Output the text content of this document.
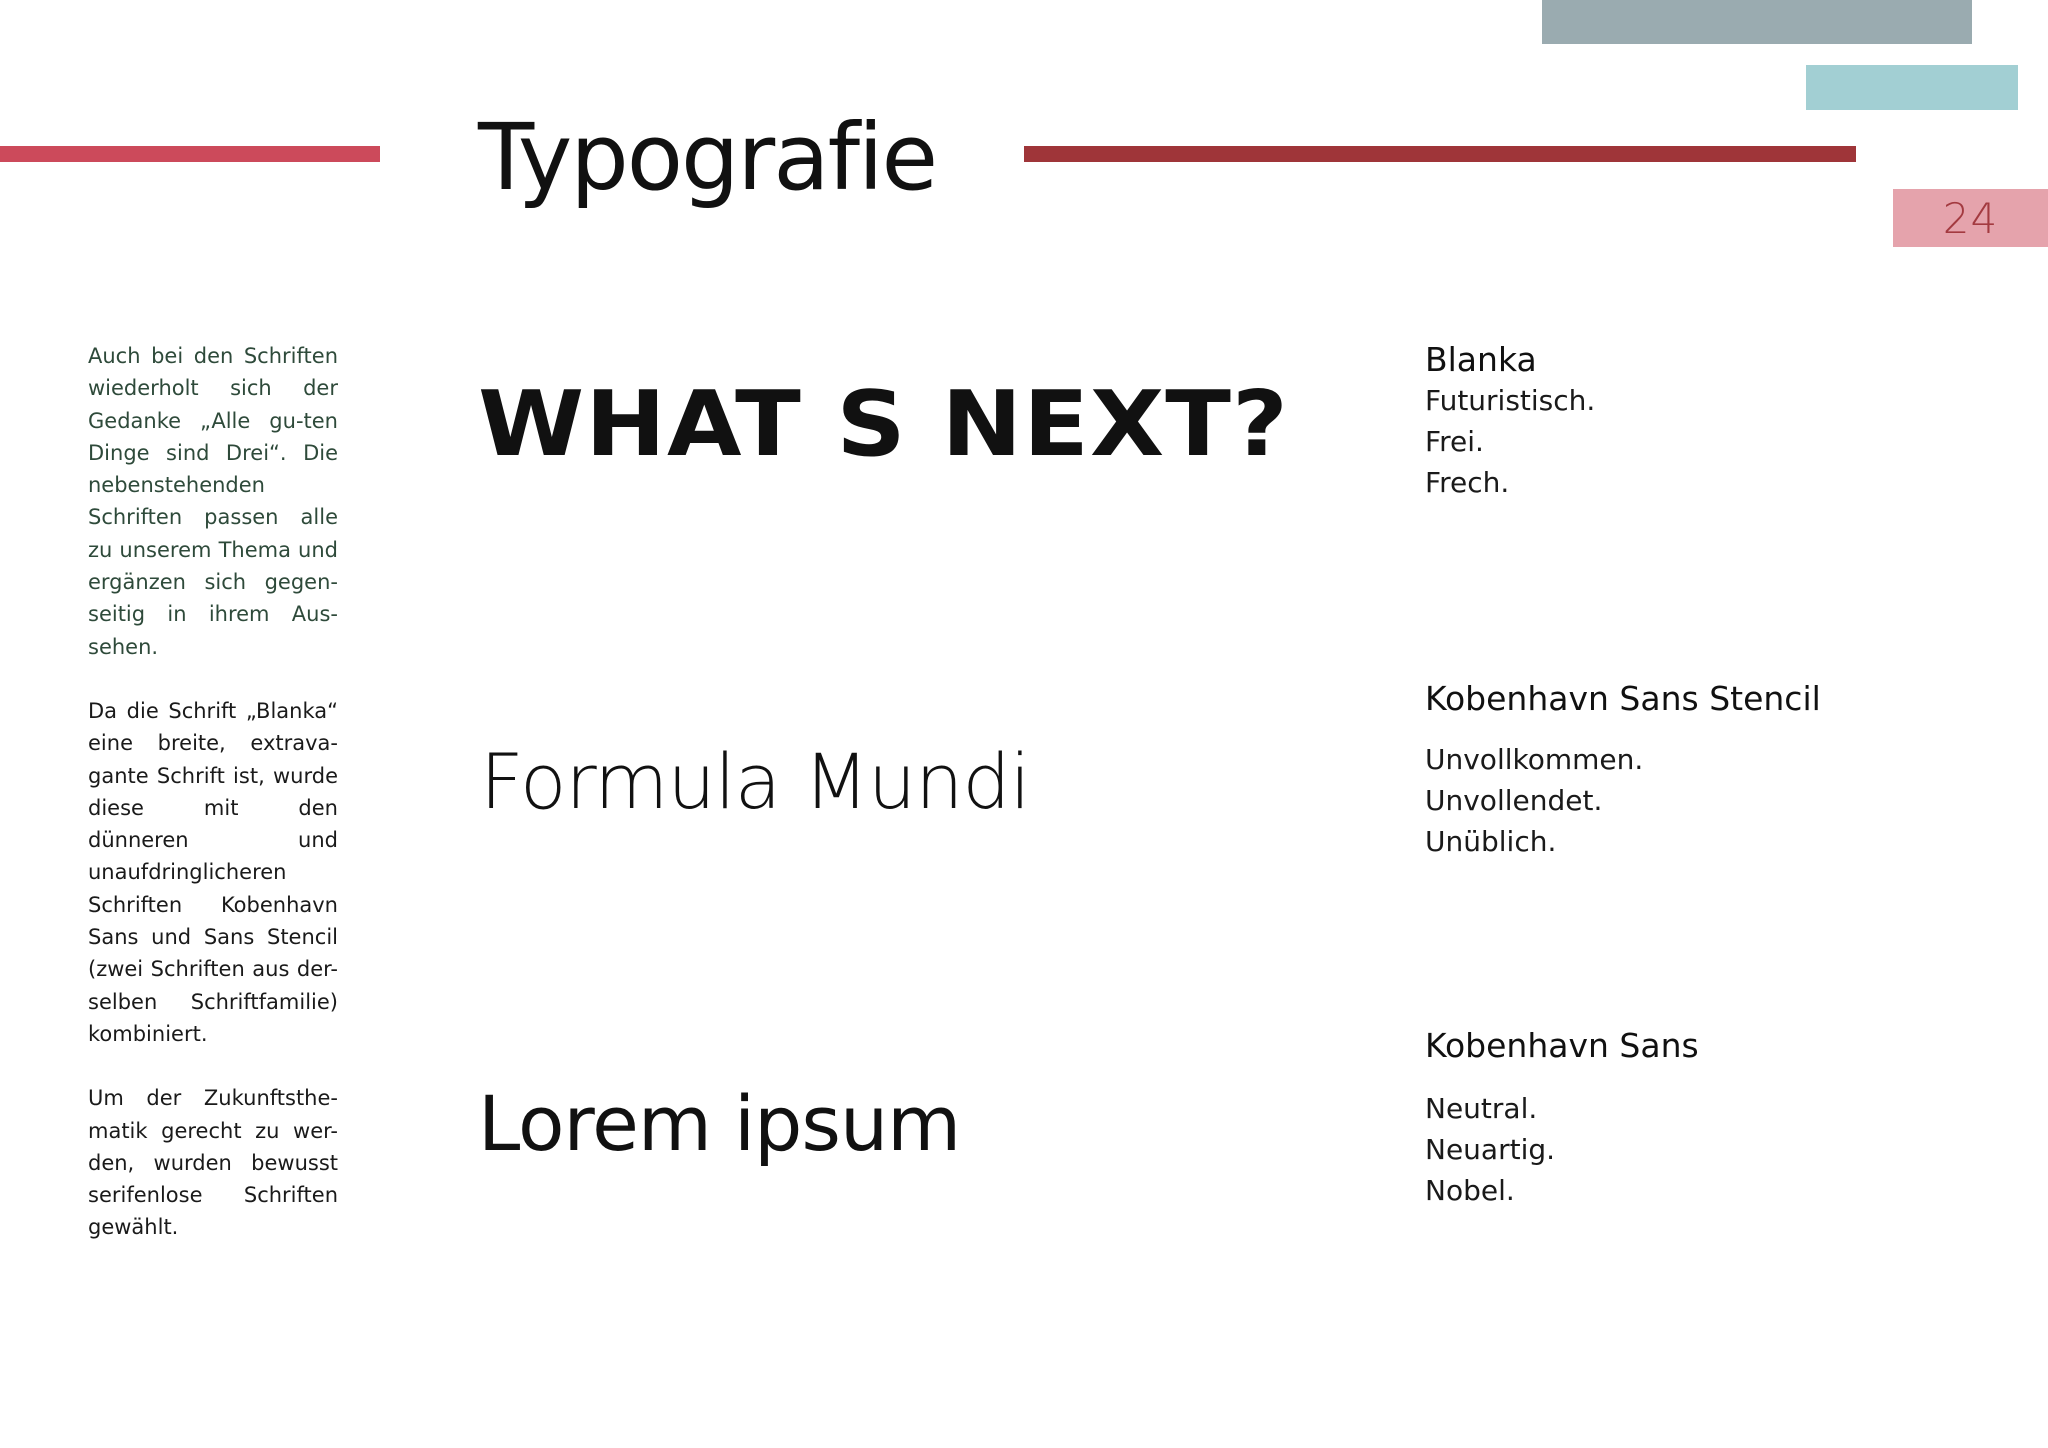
24
Typografie

Auch bei den Schriften wiederholt sich der Gedanke „Alle gu-ten Dinge sind Drei“. Die nebenstehenden Schriften passen alle zu unserem Thema und ergänzen sich gegen-seitig in ihrem Aus-sehen.

Da die Schrift „Blanka“ eine breite, extrava-gante Schrift ist, wurde diese mit den dünneren und unaufdringlicheren Schriften Kobenhavn Sans und Sans Stencil (zwei Schriften aus der-selben Schriftfamilie) kombiniert.

Um der Zukunftsthe-matik gerecht zu wer-den, wurden bewusst serifenlose Schriften gewählt.

WHAT S NEXT?
Formula Mundi
Lorem ipsum

Blanka

Futuristisch.
Frei.
Frech.

Kobenhavn Sans Stencil

Unvollkommen.
Unvollendet.
Unüblich.

Kobenhavn Sans

Neutral.
Neuartig.
Nobel.
